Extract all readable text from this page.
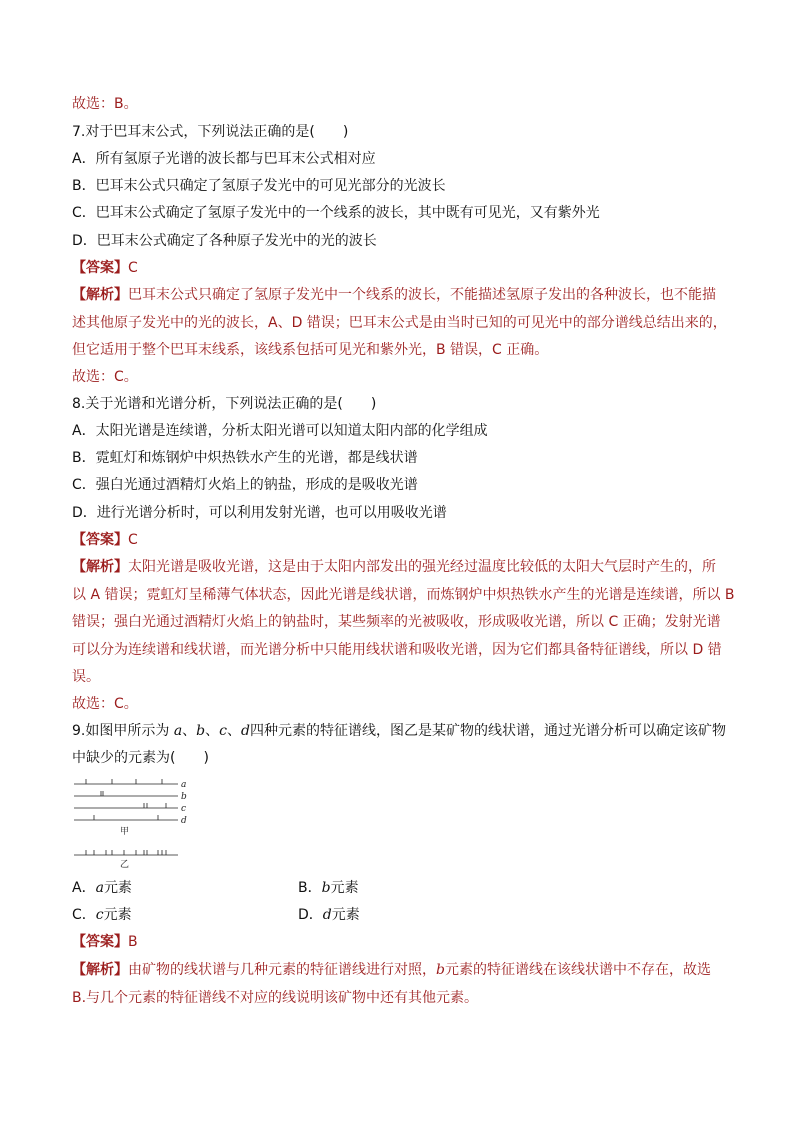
故选：B。
7.对于巴耳末公式，下列说法正确的是(　　)
A．所有氢原子光谱的波长都与巴耳末公式相对应
B．巴耳末公式只确定了氢原子发光中的可见光部分的光波长
C．巴耳末公式确定了氢原子发光中的一个线系的波长，其中既有可见光，又有紫外光
D．巴耳末公式确定了各种原子发光中的光的波长
【答案】C
【解析】巴耳末公式只确定了氢原子发光中一个线系的波长，不能描述氢原子发出的各种波长，也不能描
述其他原子发光中的光的波长，A、D 错误；巴耳末公式是由当时已知的可见光中的部分谱线总结出来的，
但它适用于整个巴耳末线系，该线系包括可见光和紫外光，B 错误，C 正确。
故选：C。
8.关于光谱和光谱分析，下列说法正确的是(　　)
A．太阳光谱是连续谱，分析太阳光谱可以知道太阳内部的化学组成
B．霓虹灯和炼钢炉中炽热铁水产生的光谱，都是线状谱
C．强白光通过酒精灯火焰上的钠盐，形成的是吸收光谱
D．进行光谱分析时，可以利用发射光谱，也可以用吸收光谱
【答案】C
【解析】太阳光谱是吸收光谱，这是由于太阳内部发出的强光经过温度比较低的太阳大气层时产生的，所
以 A 错误；霓虹灯呈稀薄气体状态，因此光谱是线状谱，而炼钢炉中炽热铁水产生的光谱是连续谱，所以 B
错误；强白光通过酒精灯火焰上的钠盐时，某些频率的光被吸收，形成吸收光谱，所以 C 正确；发射光谱
可以分为连续谱和线状谱，而光谱分析中只能用线状谱和吸收光谱，因为它们都具备特征谱线，所以 D 错
误。
故选：C。
9.如图甲所示为 a、b、c、d四种元素的特征谱线，图乙是某矿物的线状谱，通过光谱分析可以确定该矿物
中缺少的元素为(　　)
a
b
c
d
甲
乙
A．a元素	B．b元素
C．c元素	D．d元素
【答案】B
【解析】由矿物的线状谱与几种元素的特征谱线进行对照，b元素的特征谱线在该线状谱中不存在，故选
B.与几个元素的特征谱线不对应的线说明该矿物中还有其他元素。
